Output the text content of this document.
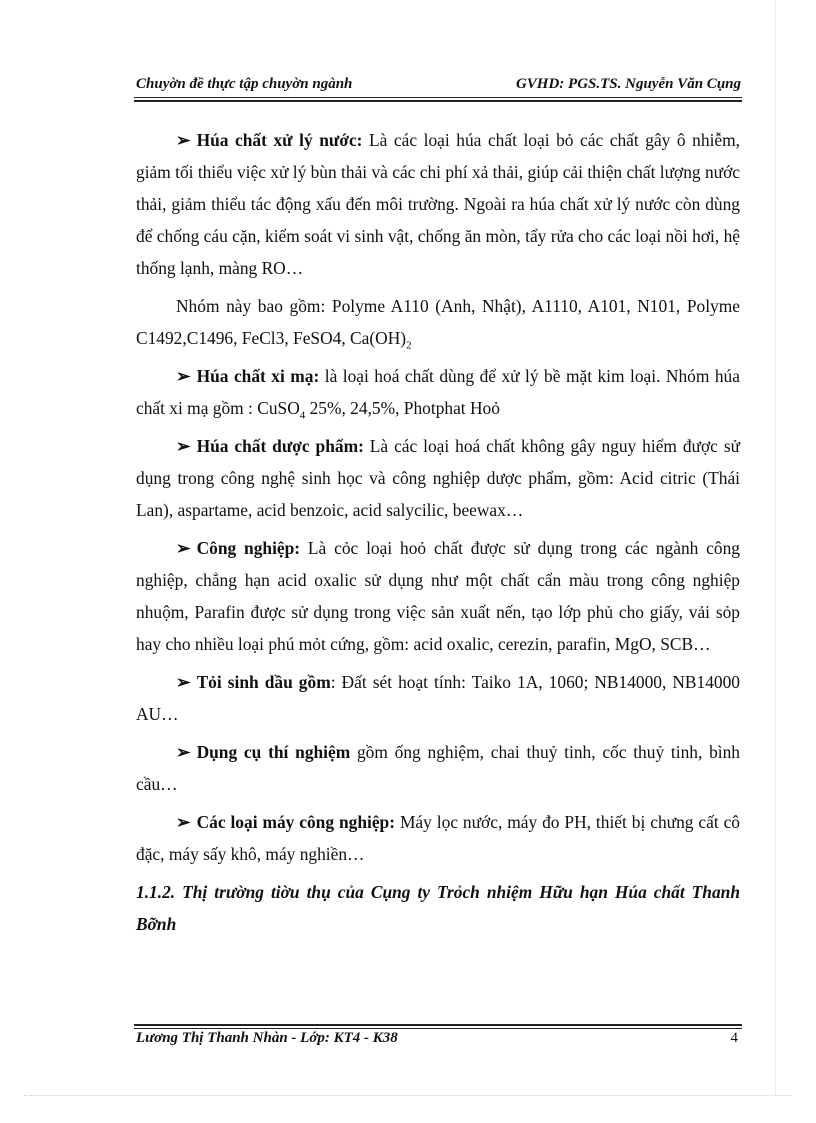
Chuyờn đề thực tập chuyờn ngành	GVHD: PGS.TS. Nguyễn Văn Cụng

➢ Húa chất xử lý nước: Là các loại húa chất loại bỏ các chất gây ô nhiễm, giảm tối thiểu việc xử lý bùn thải và các chi phí xả thải, giúp cải thiện chất lượng nước thải, giảm thiểu tác động xấu đến môi trường. Ngoài ra húa chất xử lý nước còn dùng để chống cáu cặn, kiểm soát vi sinh vật, chống ăn mòn, tẩy rửa cho các loại nồi hơi, hệ thống lạnh, màng RO…

Nhóm này bao gồm: Polyme A110 (Anh, Nhật), A1110, A101, N101, Polyme C1492,C1496, FeCl3, FeSO4, $Ca(OH)_2$

➢ Húa chất xi mạ: là loại hoá chất dùng để xử lý bề mặt kim loại. Nhóm húa chất xi mạ gồm : CuSO$_4$ 25%, 24,5%, Photphat Hoỏ

➢ Húa chất dược phẩm: Là các loại hoá chất không gây nguy hiểm được sử dụng trong công nghệ sinh học và công nghiệp dược phẩm, gồm: Acid citric (Thái Lan), aspartame, acid benzoic, acid salycilic, beewax…

➢ Công nghiệp: Là cỏc loại hoỏ chất được sử dụng trong các ngành công nghiệp, chẳng hạn acid oxalic sử dụng như một chất cẩn màu trong công nghiệp nhuộm, Parafin được sử dụng trong việc sản xuất nến, tạo lớp phủ cho giấy, vải sỏp hay cho nhiều loại phú mỏt cứng, gồm: acid oxalic, cerezin, parafin, MgO, SCB…

➢ Tỏi sinh dầu gồm: Đất sét hoạt tính: Taiko 1A, 1060; NB14000, NB14000 AU…

➢ Dụng cụ thí nghiệm gồm ống nghiệm, chai thuỷ tinh, cốc thuỷ tinh, bình cầu…

➢ Các loại máy công nghiệp: Máy lọc nước, máy đo PH, thiết bị chưng cất cô đặc, máy sấy khô, máy nghiền…

1.1.2. Thị trường tiờu thụ của Cụng ty Trỏch nhiệm Hữu hạn Húa chất Thanh Bỡnh

Lương Thị Thanh Nhàn - Lớp: KT4 - K38	4
